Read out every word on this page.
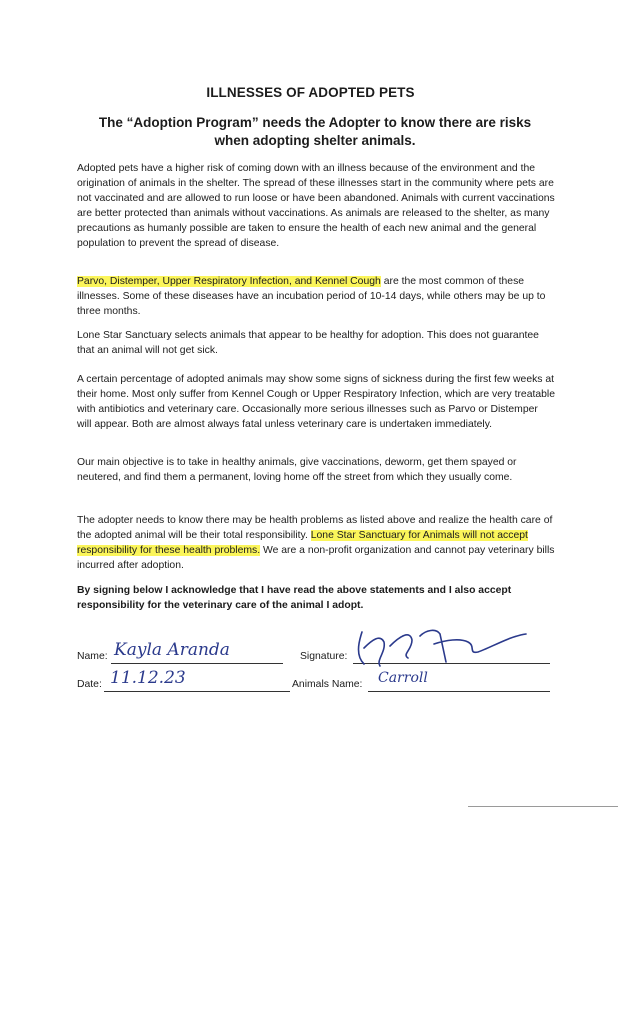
ILLNESSES OF ADOPTED PETS
The “Adoption Program” needs the Adopter to know there are risks when adopting shelter animals.

Adopted pets have a higher risk of coming down with an illness because of the environment and the origination of animals in the shelter. The spread of these illnesses start in the community where pets are not vaccinated and are allowed to run loose or have been abandoned. Animals with current vaccinations are better protected than animals without vaccinations. As animals are released to the shelter, as many precautions as humanly possible are taken to ensure the health of each new animal and the general population to prevent the spread of disease.

Parvo, Distemper, Upper Respiratory Infection, and Kennel Cough are the most common of these illnesses. Some of these diseases have an incubation period of 10-14 days, while others may be up to three months.

Lone Star Sanctuary selects animals that appear to be healthy for adoption. This does not guarantee that an animal will not get sick.

A certain percentage of adopted animals may show some signs of sickness during the first few weeks at their home. Most only suffer from Kennel Cough or Upper Respiratory Infection, which are very treatable with antibiotics and veterinary care. Occasionally more serious illnesses such as Parvo or Distemper will appear. Both are almost always fatal unless veterinary care is undertaken immediately.

Our main objective is to take in healthy animals, give vaccinations, deworm, get them spayed or neutered, and find them a permanent, loving home off the street from which they usually come.

The adopter needs to know there may be health problems as listed above and realize the health care of the adopted animal will be their total responsibility. Lone Star Sanctuary for Animals will not accept responsibility for these health problems. We are a non-profit organization and cannot pay veterinary bills incurred after adoption.

By signing below I acknowledge that I have read the above statements and I also accept responsibility for the veterinary care of the animal I adopt.

Name: Kayla Aranda	Signature:
Date: 11.12.23	Animals Name: Carroll
